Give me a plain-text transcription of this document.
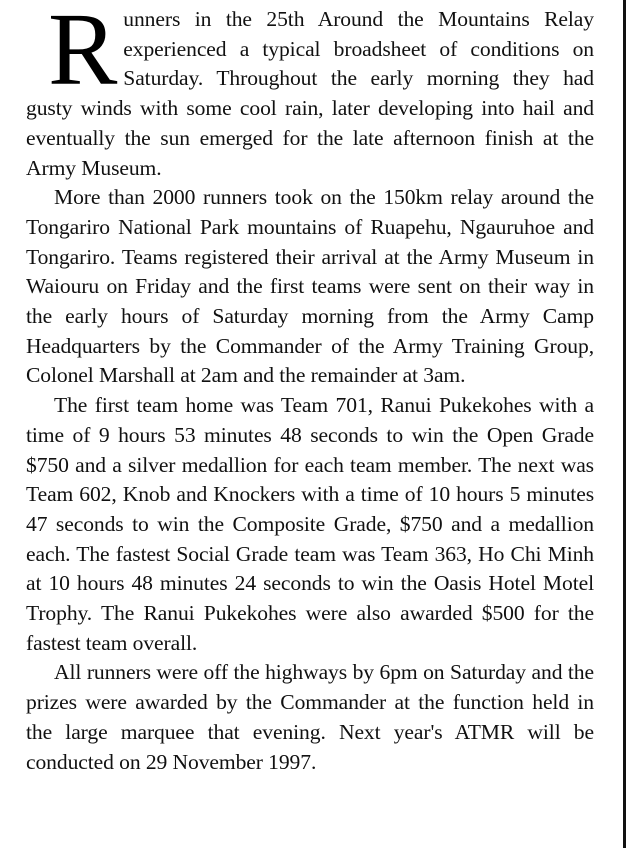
Runners in the 25th Around the Mountains Relay experienced a typical broadsheet of conditions on Saturday. Throughout the early morning they had gusty winds with some cool rain, later developing into hail and eventually the sun emerged for the late afternoon finish at the Army Museum.

More than 2000 runners took on the 150km relay around the Tongariro National Park mountains of Ruapehu, Ngauruhoe and Tongariro. Teams registered their arrival at the Army Museum in Waiouru on Friday and the first teams were sent on their way in the early hours of Saturday morning from the Army Camp Headquarters by the Commander of the Army Training Group, Colonel Marshall at 2am and the remainder at 3am.

The first team home was Team 701, Ranui Pukekohes with a time of 9 hours 53 minutes 48 seconds to win the Open Grade $750 and a silver medallion for each team member. The next was Team 602, Knob and Knockers with a time of 10 hours 5 minutes 47 seconds to win the Composite Grade, $750 and a medallion each. The fastest Social Grade team was Team 363, Ho Chi Minh at 10 hours 48 minutes 24 seconds to win the Oasis Hotel Motel Trophy. The Ranui Pukekohes were also awarded $500 for the fastest team overall.

All runners were off the highways by 6pm on Saturday and the prizes were awarded by the Commander at the function held in the large marquee that evening. Next year's ATMR will be conducted on 29 November 1997.
